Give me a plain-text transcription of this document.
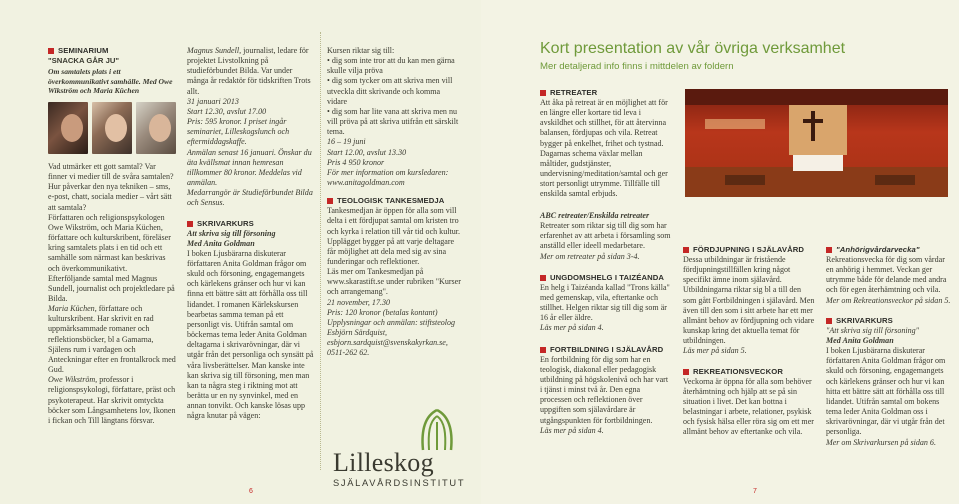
SEMINARIUM
"SNACKA GÅR JU"
Om samtalets plats i ett överkommunikativt samhälle. Med Owe Wikström och Maria Küchen

Vad utmärker ett gott samtal? Var finner vi medier till de svåra samtalen? Hur påverkar den nya tekniken – sms, e-post, chatt, sociala medier – vårt sätt att samtala?
Författaren och religionspsykologen Owe Wikström, och Maria Küchen, författare och kulturskribent, föreläser kring samtalets plats i en tid och ett samhälle som närmast kan beskrivas och överkommunikativt.
Efterföljande samtal med Magnus Sundell, journalist och projektledare på Bilda.

Maria Küchen, författare och kulturskribent. Har skrivit en rad uppmärksammade romaner och reflektionsböcker, bl a Gamarna, Själens rum i vardagen och Anteckningar efter en frontalkrock med Gud.

Owe Wikström, professor i religionspsykologi, författare, präst och psykoterapeut. Har skrivit omtyckta böcker som Långsamhetens lov, Ikonen i fickan och Till längtans försvar.

Magnus Sundell, journalist, ledare för projektet Livstolkning på studieförbundet Bilda. Var under många år redaktör för tidskriften Trots allt.

31 januari 2013

Start 12.30, avslut 17.00

Pris: 595 kronor. I priset ingår seminariet, Lilleskogslunch och eftermiddagskaffe.

Anmälan senast 16 januari. Önskar du äta kvällsmat innan hemresan tillkommer 80 kronor. Meddelas vid anmälan.

Medarrangör är Studieförbundet Bilda och Sensus.

SKRIVARKURS

Att skriva sig till försoning

Med Anita Goldman

I boken Ljusbärarna diskuterar författaren Anita Goldman frågor om skuld och försoning, engagemangets och kärlekens gränser och hur vi kan finna ett bättre sätt att förhålla oss till lidandet. I romanen Kärlekskursen bearbetas samma teman på ett personligt vis. Utifrån samtal om böckernas tema leder Anita Goldman deltagarna i skrivarövningar, där vi utgår från det personliga och synsätt på våra livsberättelser. Man kanske inte kan skriva sig till försoning, men man kan ta några steg i riktning mot att berätta ur en ny synvinkel, med en annan tonvikt. Och kanske lösas upp några knutar på vägen:

Kursen riktar sig till:

• dig som inte tror att du kan men gärna skulle vilja pröva

• dig som tycker om att skriva men vill utveckla ditt skrivande och komma vidare

• dig som har lite vana att skriva men nu vill pröva på att skriva utifrån ett särskilt tema.

16 – 19 juni

Start 12.00, avslut 13.30

Pris 4 950 kronor

För mer information om kursledaren: www.anitagoldman.com

TEOLOGISK TANKESMEDJA

Tankesmedjan är öppen för alla som vill delta i ett fördjupat samtal om kristen tro och kyrka i relation till vår tid och kultur. Upplägget bygger på att varje deltagare får möjlighet att dela med sig av sina funderingar och reflektioner.
Läs mer om Tankesmedjan på www.skarastift.se under rubriken "Kurser och arrangemang".

21 november, 17.30

Pris: 120 kronor (betalas kontant)

Upplysningar och anmälan: stiftsteolog Esbjörn Särdquist, esbjorn.sardquist@svenskakyrkan.se, 0511-262 62.

Lilleskog
SJÄLAVÅRDSINSTITUT
6	7
Kort presentation av vår övriga verksamhet
Mer detaljerad info finns i mittdelen av foldern
RETREATER

Att åka på retreat är en möjlighet att för en längre eller kortare tid leva i avskildhet och stillhet, för att återvinna balansen, fördjupas och vila. Retreat bygger på enkelhet, frihet och tystnad. Dagarnas schema växlar mellan måltider, gudstjänster, undervisning/meditation/samtal och ger stort personligt utrymme. Tillfälle till enskilda samtal erbjuds.

ABC retreater/Enskilda retreater

Retreater som riktar sig till dig som har erfarenhet av att arbeta i församling som anställd eller ideell medarbetare.

Mer om retreater på sidan 3-4.

UNGDOMSHELG I TAIZÉANDA

En helg i Taizéanda kallad "Trons källa" med gemenskap, vila, eftertanke och stillhet. Helgen riktar sig till dig som är 16 år eller äldre.

Läs mer på sidan 4.

FORTBILDNING I SJÄLAVÅRD

En fortbildning för dig som har en teologisk, diakonal eller pedagogisk utbildning på högskolenivå och har vart i tjänst i minst två år. Den egna processen och reflektionen över uppgiften som själavårdare är utgångspunkten för fortbildningen.

Läs mer på sidan 4.

FÖRDJUPNING I SJÄLAVÅRD

Dessa utbildningar är fristående fördjupningstillfällen kring något specifikt ämne inom själavård. Utbildningarna riktar sig bl a till den som gått Fortbildningen i själavård. Men även till den som i sitt arbete har ett mer allmänt behov av fördjupning och vidare kunskap kring det aktuella temat för utbildningen.

Läs mer på sidan 5.

REKREATIONSVECKOR

Veckorna är öppna för alla som behöver återhämtning och hjälp att se på sin situation i livet. Det kan bottna i belastningar i arbete, relationer, psykisk och fysisk hälsa eller röra sig om ett mer allmänt behov av eftertanke och vila.

"Anhörigvårdarvecka"

Rekreationsvecka för dig som vårdar en anhörig i hemmet. Veckan ger utrymme både för delande med andra och för egen återhämtning och vila.

Mer om Rekreationsveckor på sidan 5.

SKRIVARKURS

"Att skriva sig till försoning"

Med Anita Goldman

I boken Ljusbärarna diskuterar författaren Anita Goldman frågor om skuld och försoning, engagemangets och kärlekens gränser och hur vi kan hitta ett bättre sätt att förhålla oss till lidandet. Utifrån samtal om bokens tema leder Anita Goldman oss i skrivarövningar, där vi utgår från det personliga.

Mer om Skrivarkursen på sidan 6.
